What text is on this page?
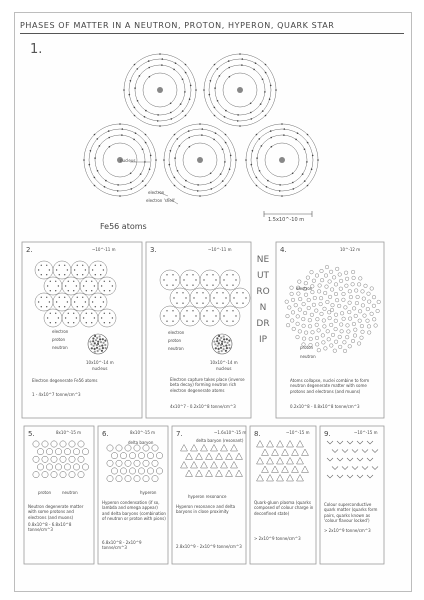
PHASES OF MATTER IN A NEUTRON, PROTON, HYPERON, QUARK STAR
1.
nucleus
electron
electron 'shell'
Fe56 atoms
1.5x10^-10 m
NEUTRON DRIP
2.	~10^-11 m
electron
proton
neutron
10x10^-14 m
nucleus
Electron degenerate Fe56 atoms
1 - 4x10^7 tonne/cm^3
3.	~10^-11 m
electron
proton
neutron
10x10^-14 m
nucleus
Electron capture takes place (inverse beta decay) forming neutron rich electron degenerate atoms
4x10^7 - 0.2x10^8 tonne/cm^3
4.	10^-12 m
electron
proton
neutron
Atoms collapse, nuclei combine to form neutron degenerate matter with some protons and electrons (and muons)
0.2x10^8 - 0.8x10^8 tonne/cm^3
5.	8x10^-15 m
proton	neutron
Neutron degenerate matter with some protons and electrons (and muons)
0.8x10^8 - 6.8x10^8 tonne/cm^3
6.	8x10^-15 m
delta baryon
hyperon
Hyperon condensation (if so, lambda and omega appear) and delta baryons (combination of neutron or proton with pions)
6.8x10^8 - 2x10^9 tonne/cm^3
7.	~1.6x10^-15 m
delta baryon (resonant)
hyperon resonance
Hyperon resonance and delta baryons in close proximity
2.8x10^9 - 2x10^9 tonne/cm^3
8.	~10^-15 m
Quark-gluon plasma (quarks composed of colour charge in deconfined state)
> 2x10^9 tonne/cm^3
9.	~10^-15 m
Colour superconductive quark matter (quarks form pairs, quarks known as 'colour flavour locked')
> 2x10^9 tonne/cm^3
